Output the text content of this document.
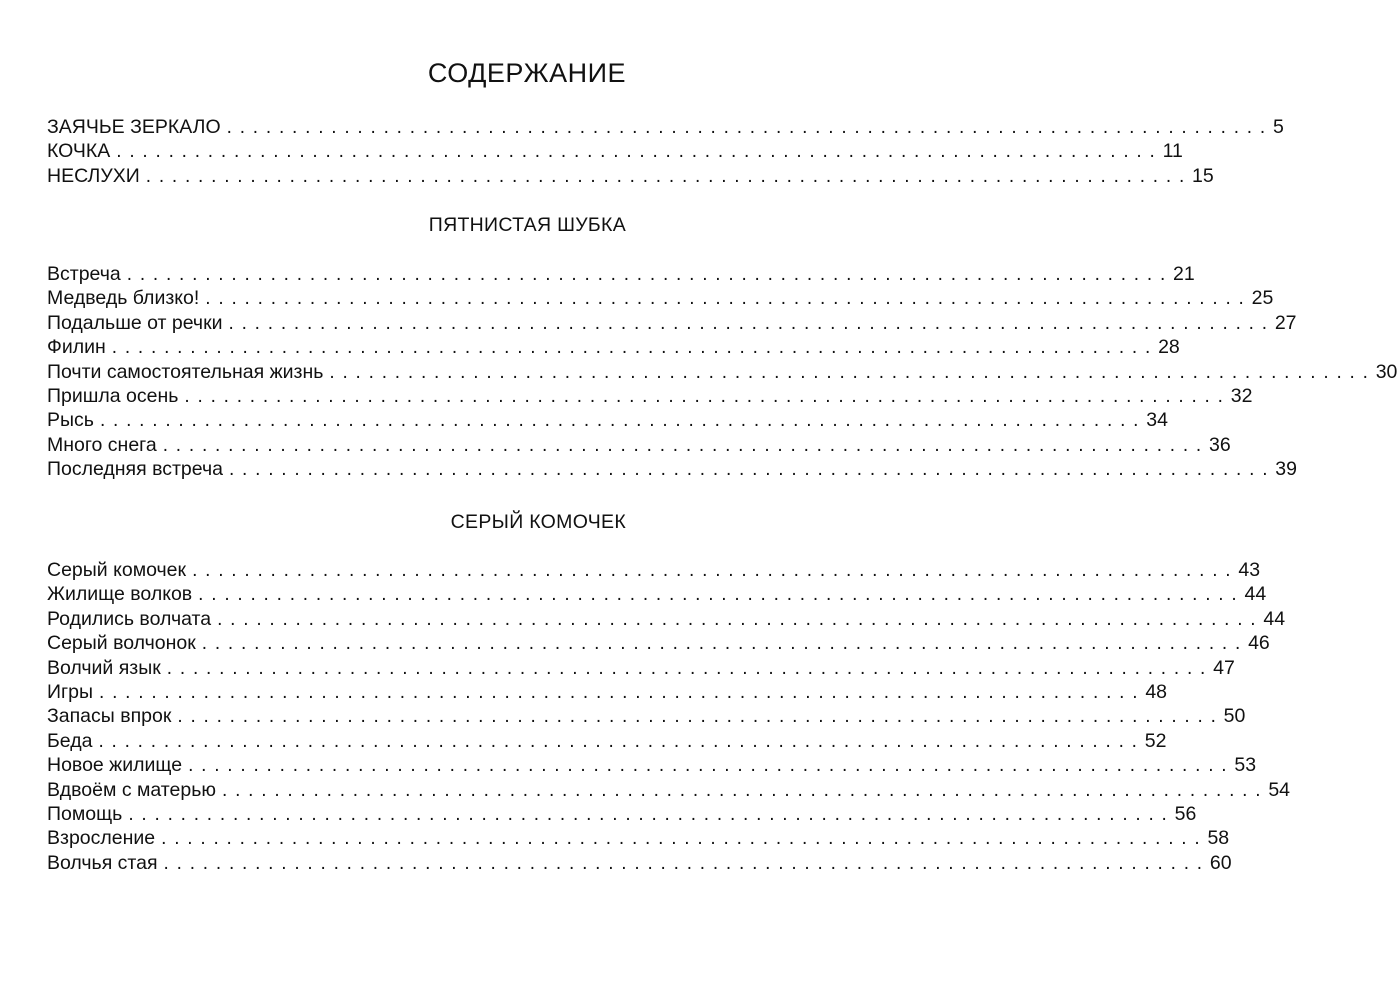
СОДЕРЖАНИЕ
ЗАЯЧЬЕ ЗЕРКАЛО ................................................................................ 5
КОЧКА ................................................................................ 11
НЕСЛУХИ ................................................................................ 15
ПЯТНИСТАЯ ШУБКА
Встреча ................................................................................ 21
Медведь близко! ................................................................................ 25
Подальше от речки ................................................................................ 27
Филин ................................................................................ 28
Почти самостоятельная жизнь ................................................................................ 30
Пришла осень ................................................................................ 32
Рысь ................................................................................ 34
Много снега ................................................................................ 36
Последняя встреча ................................................................................ 39
СЕРЫЙ КОМОЧЕК
Серый комочек ................................................................................ 43
Жилище волков ................................................................................ 44
Родились волчата ................................................................................ 44
Серый волчонок ................................................................................ 46
Волчий язык ................................................................................ 47
Игры ................................................................................ 48
Запасы впрок ................................................................................ 50
Беда ................................................................................ 52
Новое жилище ................................................................................ 53
Вдвоём с матерью ................................................................................ 54
Помощь ................................................................................ 56
Взросление ................................................................................ 58
Волчья стая ................................................................................ 60
